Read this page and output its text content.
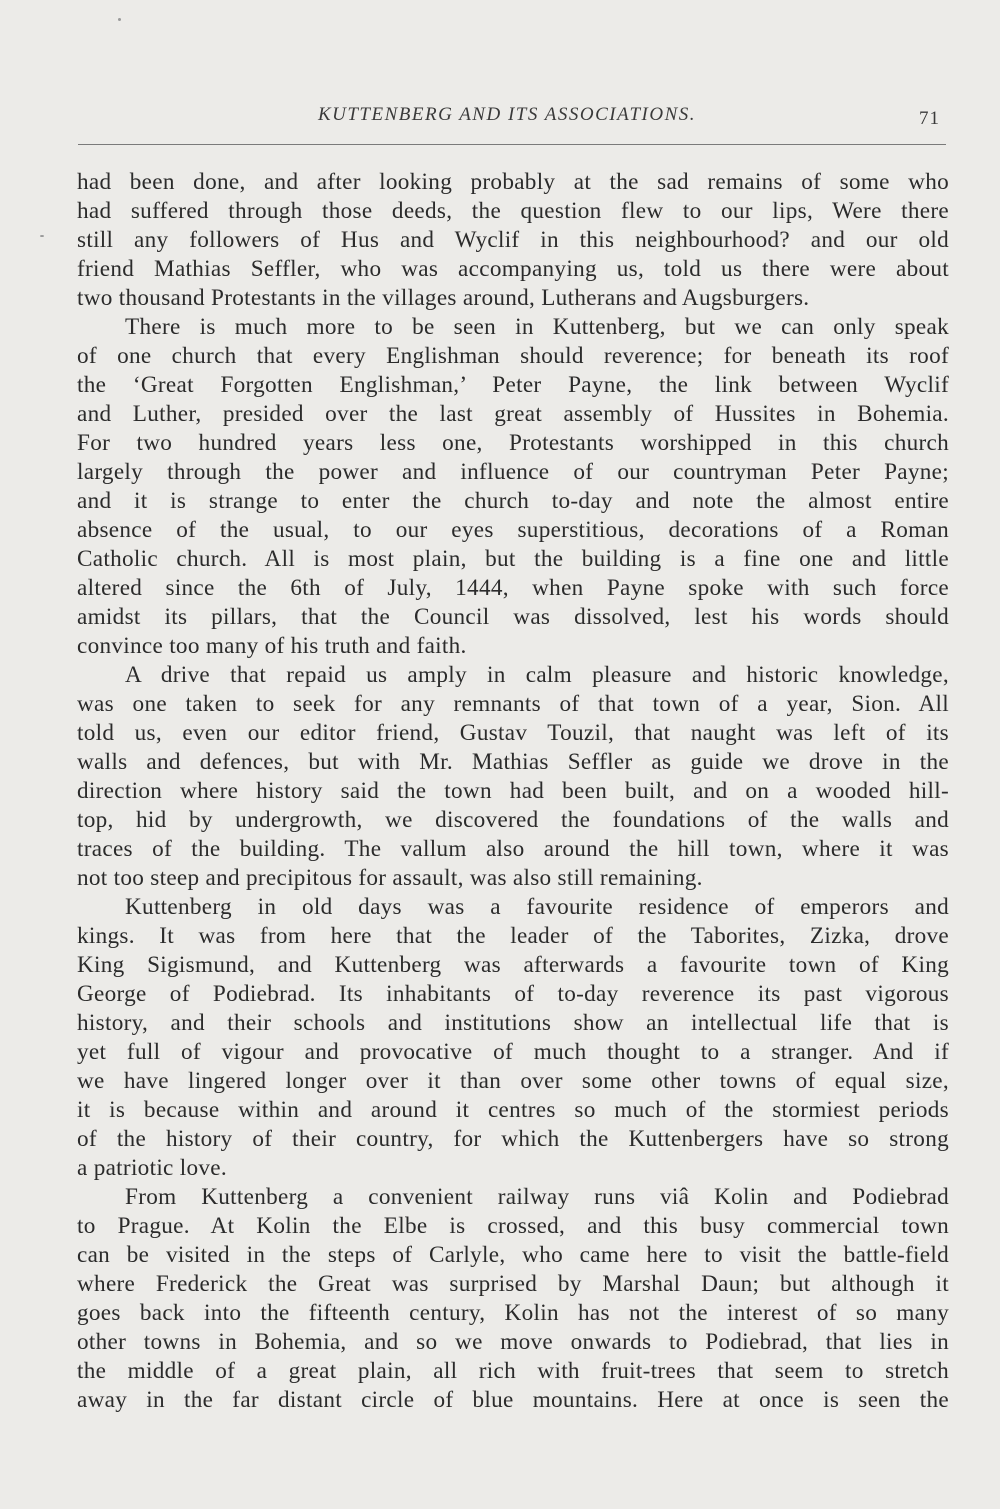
KUTTENBERG AND ITS ASSOCIATIONS.	71
had been done, and after looking probably at the sad remains of some who
had suffered through those deeds, the question flew to our lips, Were there
still any followers of Hus and Wyclif in this neighbourhood? and our old
friend Mathias Seffler, who was accompanying us, told us there were about
two thousand Protestants in the villages around, Lutherans and Augsburgers.
There is much more to be seen in Kuttenberg, but we can only speak
of one church that every Englishman should reverence; for beneath its roof
the ‘Great Forgotten Englishman,’ Peter Payne, the link between Wyclif
and Luther, presided over the last great assembly of Hussites in Bohemia.
For two hundred years less one, Protestants worshipped in this church
largely through the power and influence of our countryman Peter Payne;
and it is strange to enter the church to-day and note the almost entire
absence of the usual, to our eyes superstitious, decorations of a Roman
Catholic church. All is most plain, but the building is a fine one and little
altered since the 6th of July, 1444, when Payne spoke with such force
amidst its pillars, that the Council was dissolved, lest his words should
convince too many of his truth and faith.
A drive that repaid us amply in calm pleasure and historic knowledge,
was one taken to seek for any remnants of that town of a year, Sion. All
told us, even our editor friend, Gustav Touzil, that naught was left of its
walls and defences, but with Mr. Mathias Seffler as guide we drove in the
direction where history said the town had been built, and on a wooded hill-
top, hid by undergrowth, we discovered the foundations of the walls and
traces of the building. The vallum also around the hill town, where it was
not too steep and precipitous for assault, was also still remaining.
Kuttenberg in old days was a favourite residence of emperors and
kings. It was from here that the leader of the Taborites, Zizka, drove
King Sigismund, and Kuttenberg was afterwards a favourite town of King
George of Podiebrad. Its inhabitants of to-day reverence its past vigorous
history, and their schools and institutions show an intellectual life that is
yet full of vigour and provocative of much thought to a stranger. And if
we have lingered longer over it than over some other towns of equal size,
it is because within and around it centres so much of the stormiest periods
of the history of their country, for which the Kuttenbergers have so strong
a patriotic love.
From Kuttenberg a convenient railway runs viâ Kolin and Podiebrad
to Prague. At Kolin the Elbe is crossed, and this busy commercial town
can be visited in the steps of Carlyle, who came here to visit the battle-field
where Frederick the Great was surprised by Marshal Daun; but although it
goes back into the fifteenth century, Kolin has not the interest of so many
other towns in Bohemia, and so we move onwards to Podiebrad, that lies in
the middle of a great plain, all rich with fruit-trees that seem to stretch
away in the far distant circle of blue mountains. Here at once is seen the
